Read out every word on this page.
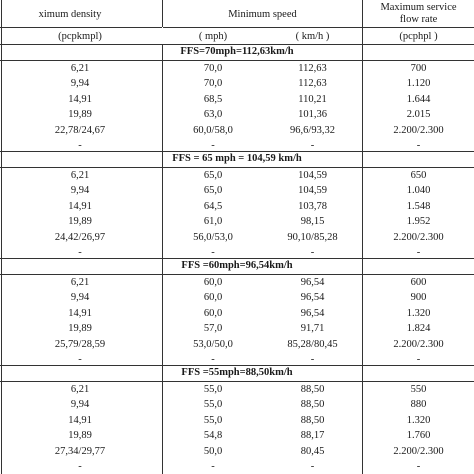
ximum density	Minimum speed
Maximum service
flow rate
(pcpkmpl)	( mph)	( km/h )	(pcphpl )
FFS=70mph=112,63km/h
6,21	70,0	112,63	700
9,94	70,0	112,63	1.120
14,91	68,5	110,21	1.644
19,89	63,0	101,36	2.015
22,78/24,67	60,0/58,0	96,6/93,32	2.200/2.300
-	-	-	-
FFS = 65 mph = 104,59 km/h
6,21	65,0	104,59	650
9,94	65,0	104,59	1.040
14,91	64,5	103,78	1.548
19,89	61,0	98,15	1.952
24,42/26,97	56,0/53,0	90,10/85,28	2.200/2.300
-	-	-	-
FFS =60mph=96,54km/h
6,21	60,0	96,54	600
9,94	60,0	96,54	900
14,91	60,0	96,54	1.320
19,89	57,0	91,71	1.824
25,79/28,59	53,0/50,0	85,28/80,45	2.200/2.300
-	-	-	-
FFS =55mph=88,50km/h
6,21	55,0	88,50	550
9,94	55,0	88,50	880
14,91	55,0	88,50	1.320
19,89	54,8	88,17	1.760
27,34/29,77	50,0	80,45	2.200/2.300
-	-	-	-
